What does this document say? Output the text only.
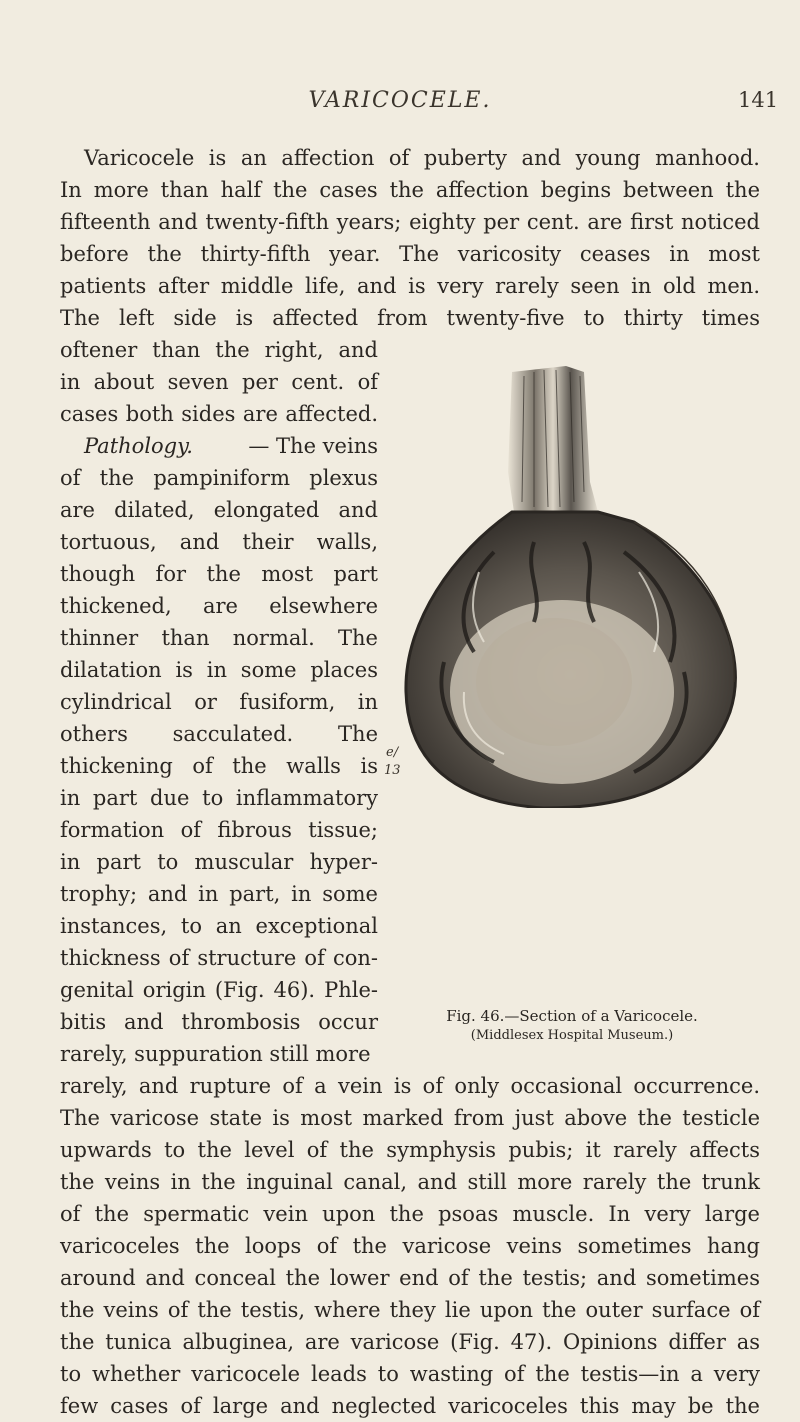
VARICOCELE.	141
Varicocele is an affection of puberty and young manhood.
In more than half the cases the affection begins between the
fifteenth and twenty-fifth years; eighty per cent. are first noticed
before the thirty-fifth year. The varicosity ceases in most
patients after middle life, and is very rarely seen in old men.
The left side is affected from twenty-five to thirty times
oftener than the right, and
in about seven per cent. of
cases both sides are affected.
Pathology.	— The veins
of the pampiniform plexus
are dilated, elongated and
tortuous, and their walls,
though for the most part
thickened, are elsewhere
thinner than normal. The
dilatation is in some places
cylindrical or fusiform, in
others sacculated. The
thickening of the walls is
in part due to inflammatory
formation of fibrous tissue;
in part to muscular hyper-
trophy; and in part, in some
instances, to an exceptional
thickness of structure of con-
genital origin (Fig. 46). Phle-
bitis and thrombosis occur
rarely, suppuration still more
e/
13
Fig. 46.—Section of a Varicocele.
(Middlesex Hospital Museum.)
rarely, and rupture of a vein is of only occasional occurrence.
The varicose state is most marked from just above the testicle
upwards to the level of the symphysis pubis; it rarely affects
the veins in the inguinal canal, and still more rarely the trunk
of the spermatic vein upon the psoas muscle. In very large
varicoceles the loops of the varicose veins sometimes hang
around and conceal the lower end of the testis; and sometimes
the veins of the testis, where they lie upon the outer surface of
the tunica albuginea, are varicose (Fig. 47). Opinions differ as
to whether varicocele leads to wasting of the testis—in a very
few cases of large and neglected varicoceles this may be the
